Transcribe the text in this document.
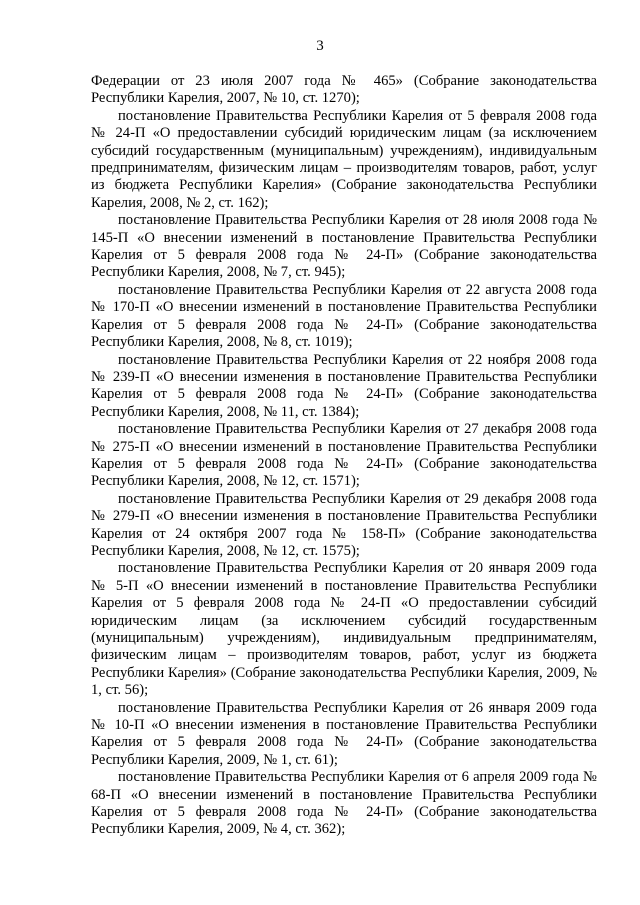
3

Федерации от 23 июля 2007 года № 465» (Собрание законодательства Республики Карелия, 2007, № 10, ст. 1270);

постановление Правительства Республики Карелия от 5 февраля 2008 года № 24-П «О предоставлении субсидий юридическим лицам (за исключением субсидий государственным (муниципальным) учреждениям), индивидуальным предпринимателям, физическим лицам – производителям товаров, работ, услуг из бюджета Республики Карелия» (Собрание законодательства Республики Карелия, 2008, № 2, ст. 162);

постановление Правительства Республики Карелия от 28 июля 2008 года № 145-П «О внесении изменений в постановление Правительства Республики Карелия от 5 февраля 2008 года № 24-П» (Собрание законодательства Республики Карелия, 2008, № 7, ст. 945);

постановление Правительства Республики Карелия от 22 августа 2008 года № 170-П «О внесении изменений в постановление Правительства Республики Карелия от 5 февраля 2008 года № 24-П» (Собрание законодательства Республики Карелия, 2008, № 8, ст. 1019);

постановление Правительства Республики Карелия от 22 ноября 2008 года № 239-П «О внесении изменения в постановление Правительства Республики Карелия от 5 февраля 2008 года № 24-П» (Собрание законодательства Республики Карелия, 2008, № 11, ст. 1384);

постановление Правительства Республики Карелия от 27 декабря 2008 года № 275-П «О внесении изменений в постановление Правительства Республики Карелия от 5 февраля 2008 года № 24-П» (Собрание законодательства Республики Карелия, 2008, № 12, ст. 1571);

постановление Правительства Республики Карелия от 29 декабря 2008 года № 279-П «О внесении изменения в постановление Правительства Республики Карелия от 24 октября 2007 года № 158-П» (Собрание законодательства Республики Карелия, 2008, № 12, ст. 1575);

постановление Правительства Республики Карелия от 20 января 2009 года № 5-П «О внесении изменений в постановление Правительства Республики Карелия от 5 февраля 2008 года № 24-П «О предоставлении субсидий юридическим лицам (за исключением субсидий государственным (муниципальным) учреждениям), индивидуальным предпринимателям, физическим лицам – производителям товаров, работ, услуг из бюджета Республики Карелия» (Собрание законодательства Республики Карелия, 2009, № 1, ст. 56);

постановление Правительства Республики Карелия от 26 января 2009 года № 10-П «О внесении изменения в постановление Правительства Республики Карелия от 5 февраля 2008 года № 24-П» (Собрание законодательства Республики Карелия, 2009, № 1, ст. 61);

постановление Правительства Республики Карелия от 6 апреля 2009 года № 68-П «О внесении изменений в постановление Правительства Республики Карелия от 5 февраля 2008 года № 24-П» (Собрание законодательства Республики Карелия, 2009, № 4, ст. 362);
